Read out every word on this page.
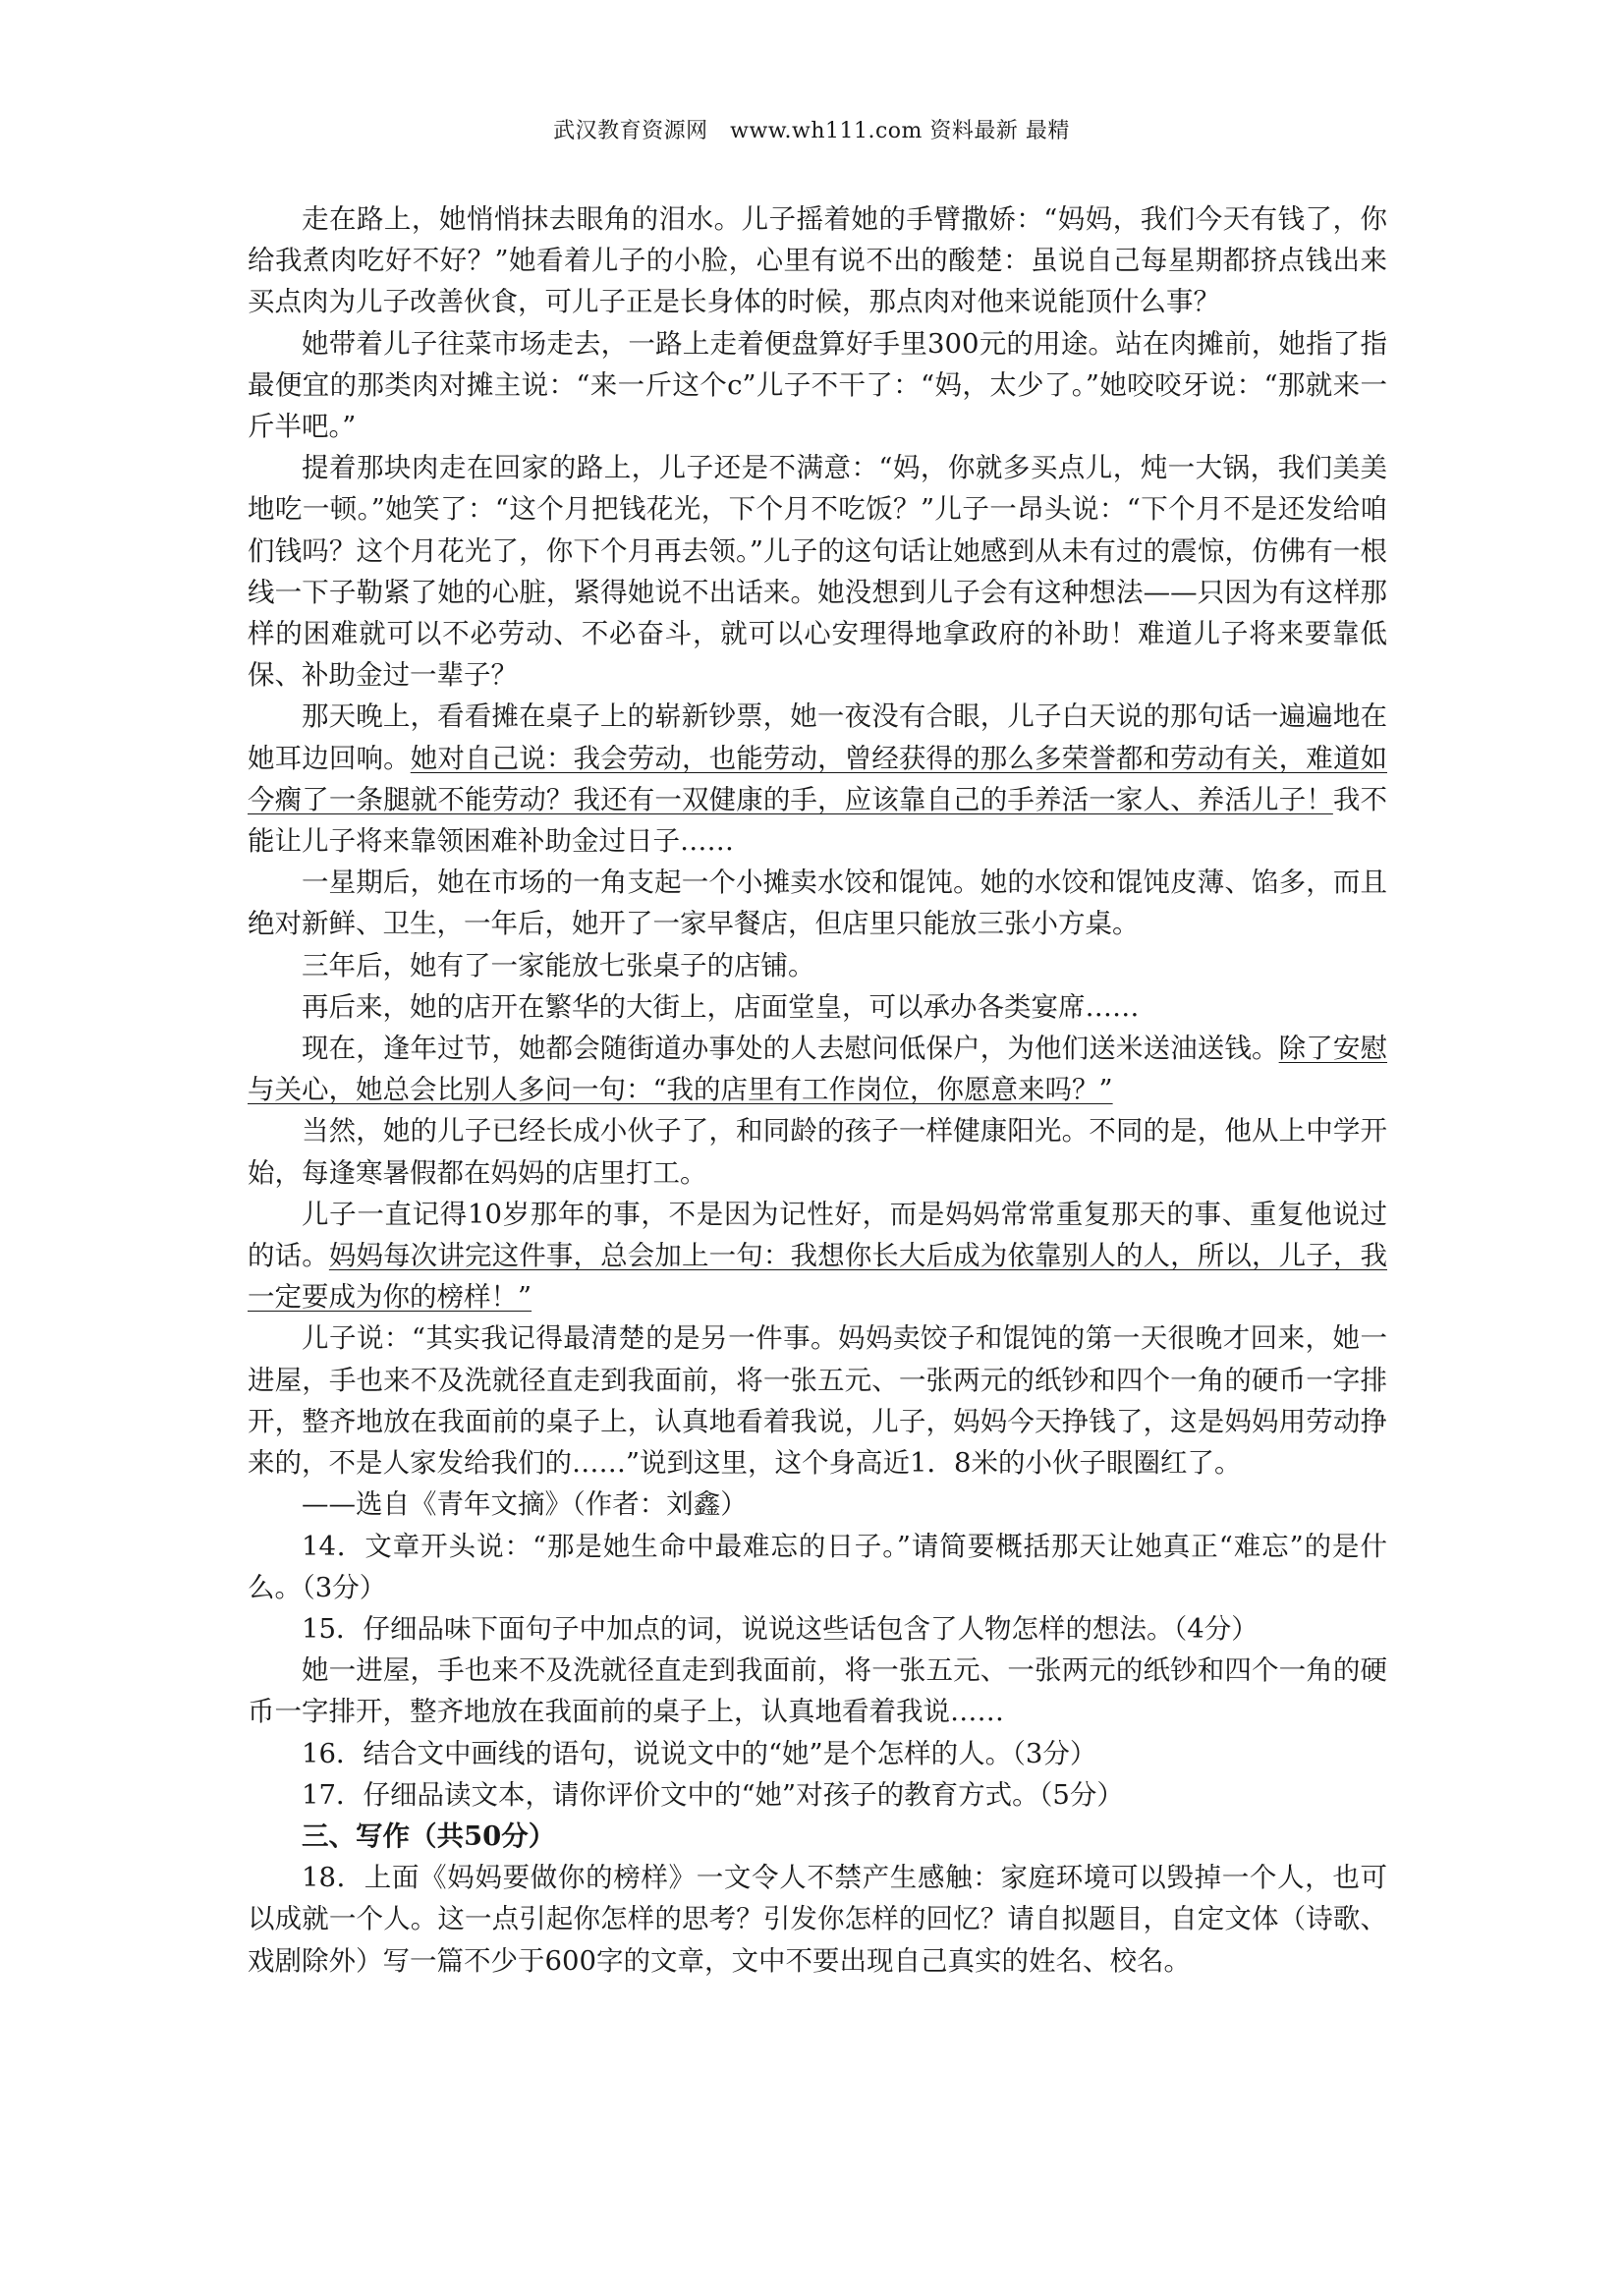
武汉教育资源网　www.wh111.com 资料最新 最精

走在路上，她悄悄抹去眼角的泪水。儿子摇着她的手臂撒娇：“妈妈，我们今天有钱了，你给我煮肉吃好不好？”她看着儿子的小脸，心里有说不出的酸楚：虽说自己每星期都挤点钱出来买点肉为儿子改善伙食，可儿子正是长身体的时候，那点肉对他来说能顶什么事？

她带着儿子往菜市场走去，一路上走着便盘算好手里300元的用途。站在肉摊前，她指了指最便宜的那类肉对摊主说：“来一斤这个c”儿子不干了：“妈，太少了。”她咬咬牙说：“那就来一斤半吧。”

提着那块肉走在回家的路上，儿子还是不满意：“妈，你就多买点儿，炖一大锅，我们美美地吃一顿。”她笑了：“这个月把钱花光，下个月不吃饭？”儿子一昂头说：“下个月不是还发给咱们钱吗？这个月花光了，你下个月再去领。”儿子的这句话让她感到从未有过的震惊，仿佛有一根线一下子勒紧了她的心脏，紧得她说不出话来。她没想到儿子会有这种想法——只因为有这样那样的困难就可以不必劳动、不必奋斗，就可以心安理得地拿政府的补助！难道儿子将来要靠低保、补助金过一辈子？

那天晚上，看看摊在桌子上的崭新钞票，她一夜没有合眼，儿子白天说的那句话一遍遍地在她耳边回响。她对自己说：我会劳动，也能劳动，曾经获得的那么多荣誉都和劳动有关，难道如今瘸了一条腿就不能劳动？我还有一双健康的手，应该靠自己的手养活一家人、养活儿子！我不能让儿子将来靠领困难补助金过日子……

一星期后，她在市场的一角支起一个小摊卖水饺和馄饨。她的水饺和馄饨皮薄、馅多，而且绝对新鲜、卫生，一年后，她开了一家早餐店，但店里只能放三张小方桌。

三年后，她有了一家能放七张桌子的店铺。

再后来，她的店开在繁华的大街上，店面堂皇，可以承办各类宴席……

现在，逢年过节，她都会随街道办事处的人去慰问低保户，为他们送米送油送钱。除了安慰与关心，她总会比别人多问一句：“我的店里有工作岗位，你愿意来吗？”

当然，她的儿子已经长成小伙子了，和同龄的孩子一样健康阳光。不同的是，他从上中学开始，每逢寒暑假都在妈妈的店里打工。

儿子一直记得10岁那年的事，不是因为记性好，而是妈妈常常重复那天的事、重复他说过的话。妈妈每次讲完这件事，总会加上一句：我想你长大后成为依靠别人的人，所以，儿子，我一定要成为你的榜样！”

儿子说：“其实我记得最清楚的是另一件事。妈妈卖饺子和馄饨的第一天很晚才回来，她一进屋，手也来不及洗就径直走到我面前，将一张五元、一张两元的纸钞和四个一角的硬币一字排开，整齐地放在我面前的桌子上，认真地看着我说，儿子，妈妈今天挣钱了，这是妈妈用劳动挣来的，不是人家发给我们的……”说到这里，这个身高近1．8米的小伙子眼圈红了。

——选自《青年文摘》（作者：刘鑫）

14．文章开头说：“那是她生命中最难忘的日子。”请简要概括那天让她真正“难忘”的是什么。（3分）

15．仔细品味下面句子中加点的词，说说这些话包含了人物怎样的想法。（4分）

她一进屋，手也来不及洗就径直走到我面前，将一张五元、一张两元的纸钞和四个一角的硬币一字排开，整齐地放在我面前的桌子上，认真地看着我说……

16．结合文中画线的语句，说说文中的“她”是个怎样的人。（3分）

17．仔细品读文本，请你评价文中的“她”对孩子的教育方式。（5分）

三、写作（共50分）

18．上面《妈妈要做你的榜样》一文令人不禁产生感触：家庭环境可以毁掉一个人，也可以成就一个人。这一点引起你怎样的思考？引发你怎样的回忆？请自拟题目，自定文体（诗歌、戏剧除外）写一篇不少于600字的文章，文中不要出现自己真实的姓名、校名。
